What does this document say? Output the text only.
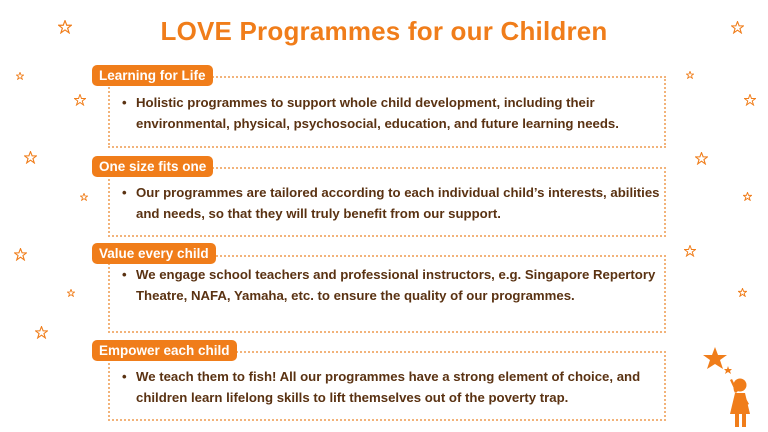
LOVE Programmes for our Children
Learning for Life
• Holistic programmes to support whole child development, including their environmental, physical, psychosocial, education, and future learning needs.
One size fits one
• Our programmes are tailored according to each individual child’s interests, abilities and needs, so that they will truly benefit from our support.
Value every child
• We engage school teachers and professional instructors, e.g. Singapore Repertory Theatre, NAFA, Yamaha, etc. to ensure the quality of our programmes.
Empower each child
• We teach them to fish! All our programmes have a strong element of choice, and children learn lifelong skills to lift themselves out of the poverty trap.
